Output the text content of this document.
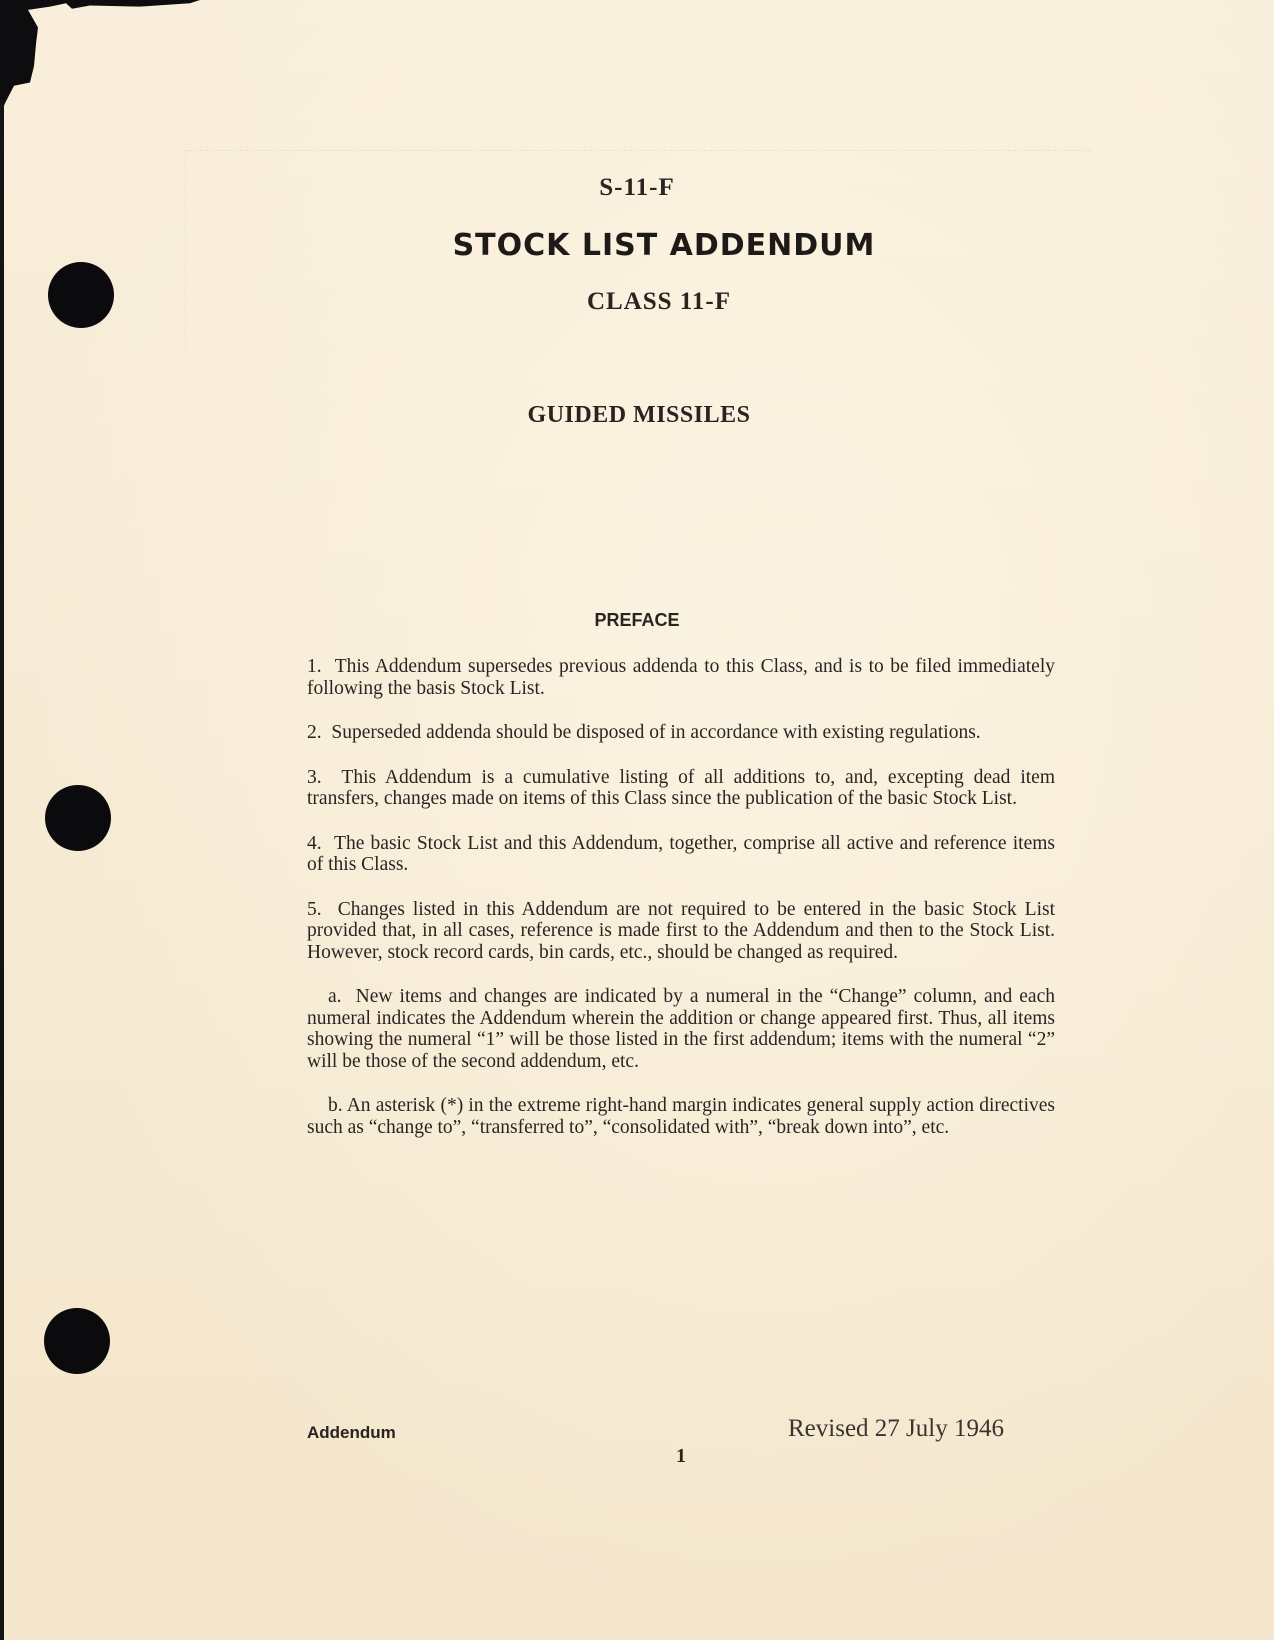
S-11-F
STOCK LIST ADDENDUM
CLASS 11-F
GUIDED MISSILES
PREFACE

1.  This Addendum supersedes previous addenda to this Class, and is to be filed immediately following the basis Stock List.

2.  Superseded addenda should be disposed of in accordance with existing regulations.

3.  This Addendum is a cumulative listing of all additions to, and, excepting dead item transfers, changes made on items of this Class since the publication of the basic Stock List.

4.  The basic Stock List and this Addendum, together, comprise all active and reference items of this Class.

5.  Changes listed in this Addendum are not required to be entered in the basic Stock List provided that, in all cases, reference is made first to the Addendum and then to the Stock List. However, stock record cards, bin cards, etc., should be changed as required.

a.  New items and changes are indicated by a numeral in the “Change” column, and each numeral indicates the Addendum wherein the addition or change appeared first. Thus, all items showing the numeral “1” will be those listed in the first addendum; items with the numeral “2” will be those of the second addendum, etc.

b. An asterisk (*) in the extreme right-hand margin indicates general supply action directives such as “change to”, “transferred to”, “consolidated with”, “break down into”, etc.

Addendum	Revised 27 July 1946
1
